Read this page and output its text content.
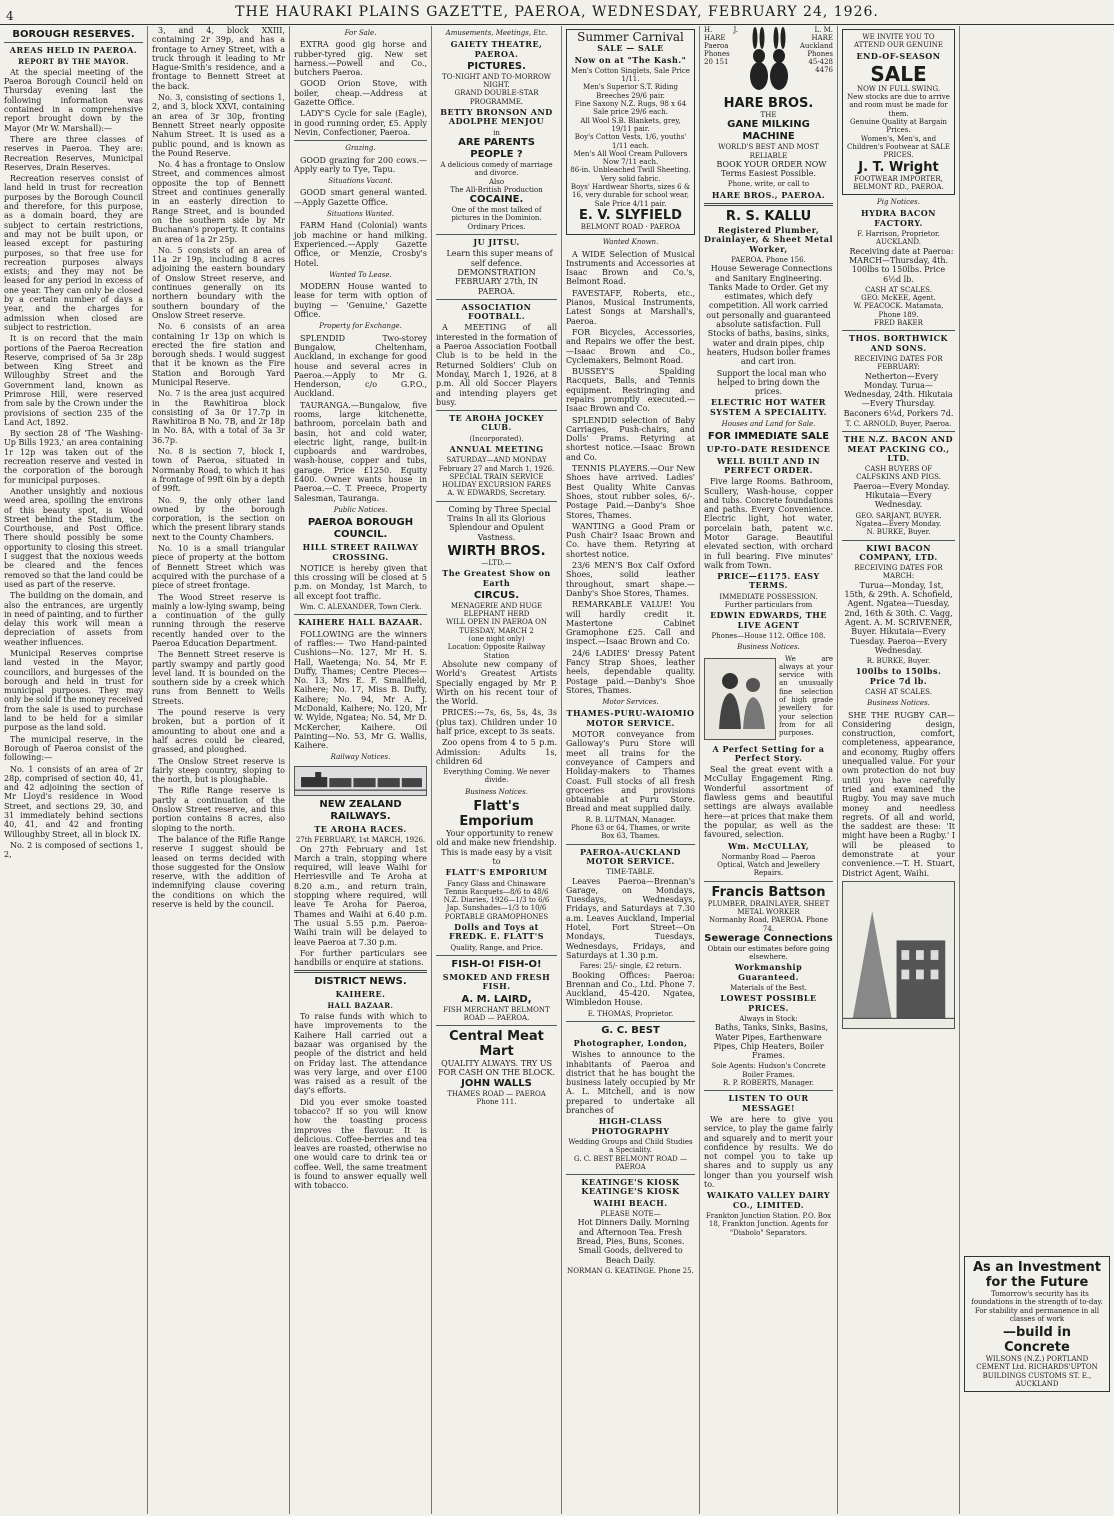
4	THE HAURAKI PLAINS GAZETTE, PAEROA, WEDNESDAY, FEBRUARY 24, 1926.
BOROUGH RESERVES.
AREAS HELD IN PAEROA.
REPORT BY THE MAYOR.

At the special meeting of the Paeroa Borough Council held on Thursday evening last the following information was contained in a comprehensive report brought down by the Mayor (Mr W. Marshall):—

There are three classes of reserves in Paeroa. They are: Recreation Reserves, Municipal Reserves, Drain Reserves.

Recreation reserves consist of land held in trust for recreation purposes by the Borough Council and therefore, for this purpose, as a domain board, they are subject to certain restrictions, and may not be built upon, or leased except for pasturing purposes, so that free use for recreation purposes always exists; and they may not be leased for any period in excess of one year. They can only be closed by a certain number of days a year, and the charges for admission when closed are subject to restriction.

It is on record that the main portions of the Paeroa Recreation Reserve, comprised of 5a 3r 28p between King Street and Willoughby Street and the Government land, known as Primrose Hill, were reserved from sale by the Crown under the provisions of section 235 of the Land Act, 1892.

By section 28 of 'The Washing-Up Bills 1923,' an area containing 1r 12p was taken out of the recreation reserve and vested in the corporation of the borough for municipal purposes.

Another unsightly and noxious weed area, spoiling the environs of this beauty spot, is Wood Street behind the Stadium, the Courthouse, and Post Office. There should possibly be some opportunity to closing this street. I suggest that the noxious weeds be cleared and the fences removed so that the land could be used as part of the reserve.

The building on the domain, and also the entrances, are urgently in need of painting, and to further delay this work will mean a depreciation of assets from weather influences.

Municipal Reserves comprise land vested in the Mayor, councillors, and burgesses of the borough and held in trust for municipal purposes. They may only be sold if the money received from the sale is used to purchase land to be held for a similar purpose as the land sold.

The municipal reserve, in the Borough of Paeroa consist of the following:—

No. 1 consists of an area of 2r 28p, comprised of section 40, 41, and 42 adjoining the section of Mr Lloyd's residence in Wood Street, and sections 29, 30, and 31 immediately behind sections 40, 41, and 42 and fronting Willoughby Street, all in block IX.

No. 2 is composed of sections 1, 2,

3, and 4, block XXIII, containing 2r 39p, and has a frontage to Arney Street, with a truck through it leading to Mr Hague-Smith's residence, and a frontage to Bennett Street at the back.

No. 3, consisting of sections 1, 2, and 3, block XXVI, containing an area of 3r 30p, fronting Bennett Street nearly opposite Nahum Street. It is used as a public pound, and is known as the Pound Reserve.

No. 4 has a frontage to Onslow Street, and commences almost opposite the top of Bennett Street and continues generally in an easterly direction to Range Street, and is bounded on the southern side by Mr Buchanan's property. It contains an area of 1a 2r 25p.

No. 5 consists of an area of 11a 2r 19p, including 8 acres adjoining the eastern boundary of Onslow Street reserve, and continues generally on its northern boundary with the southern boundary of the Onslow Street reserve.

No. 6 consists of an area containing 1r 13p on which is erected the fire station and borough sheds. I would suggest that it be known as the Fire Station and Borough Yard Municipal Reserve.

No. 7 is the area just acquired in the Rawhitiroa block consisting of 3a 0r 17.7p in Rawhitiroa B No. 7B, and 2r 18p in No. 8A, with a total of 3a 3r 36.7p.

No. 8 is section 7, block I, town of Paeroa, situated in Normanby Road, to which it has a frontage of 99ft 6in by a depth of 99ft.

No. 9, the only other land owned by the borough corporation, is the section on which the present library stands next to the County Chambers.

No. 10 is a small triangular piece of property at the bottom of Bennett Street which was acquired with the purchase of a piece of street frontage.

The Wood Street reserve is mainly a low-lying swamp, being a continuation of the gully running through the reserve recently handed over to the Paeroa Education Department.

The Bennett Street reserve is partly swampy and partly good level land. It is bounded on the southern side by a creek which runs from Bennett to Wells Streets.

The pound reserve is very broken, but a portion of it amounting to about one and a half acres could be cleared, grassed, and ploughed.

The Onslow Street reserve is fairly steep country, sloping to the north, but is ploughable.

The Rifle Range reserve is partly a continuation of the Onslow Street reserve, and this portion contains 8 acres, also sloping to the north.

The balance of the Rifle Range reserve I suggest should be leased on terms decided with those suggested for the Onslow reserve, with the addition of indemnifying clause covering the conditions on which the reserve is held by the council.

For Sale.

EXTRA good gig horse and rubber-tyred gig. New set harness.—Powell and Co., butchers Paeroa.

GOOD Orion Stove, with boiler, cheap.—Address at Gazette Office.

LADY'S Cycle for sale (Eagle), in good running order, £5. Apply Nevin, Confectioner, Paeroa.

Grazing.

GOOD grazing for 200 cows.—Apply early to Tye, Tapu.

Situations Vacant.

GOOD smart general wanted.—Apply Gazette Office.

Situations Wanted.

FARM Hand (Colonial) wants job machine or hand milking. Experienced.—Apply Gazette Office, or Menzie, Crosby's Hotel.

Wanted To Lease.

MODERN House wanted to lease for term with option of buying — 'Genuine,' Gazette Office.

Property for Exchange.

SPLENDID Two-storey Bungalow, Cheltenham, Auckland, in exchange for good house and several acres in Paeroa.—Apply to Mr G. Henderson, c/o G.P.O., Auckland.

TAURANGA.—Bungalow, five rooms, large kitchenette, bathroom, porcelain bath and basin, hot and cold water, electric light, range, built-in cupboards and wardrobes, wash-house, copper and tubs, garage. Price £1250. Equity £400. Owner wants house in Paeroa.—C. T. Preece, Property Salesman, Tauranga.

Public Notices.
PAEROA BOROUGH COUNCIL.
HILL STREET RAILWAY CROSSING.

NOTICE is hereby given that this crossing will be closed at 5 p.m. on Monday, 1st March, to all except foot traffic.

Wm. C. ALEXANDER, Town Clerk.
KAIHERE HALL BAZAAR.

FOLLOWING are the winners of raffles:— Two Hand-painted Cushions—No. 127, Mr H. S. Hall, Waetenga; No. 54, Mr F. Duffy, Thames; Centre Pieces—No. 13, Mrs E. F. Smallfield, Kaihere; No. 17, Miss B. Duffy, Kaihere; No. 94, Mr A. J. McDonald, Kaihere; No. 120, Mr W. Wylde, Ngatea; No. 54, Mr D. McKercher, Kaihere. Oil Painting—No. 53, Mr G. Wallis, Kaihere.

Railway Notices.
NEW ZEALAND RAILWAYS.
TE AROHA RACES.
27th FEBRUARY, 1st MARCH, 1926.

On 27th February and 1st March a train, stopping where required, will leave Waihi for Herriesville and Te Aroha at 8.20 a.m., and return train, stopping where required, will leave Te Aroha for Paeroa, Thames and Waihi at 6.40 p.m. The usual 5.55 p.m. Paeroa-Waihi train will be delayed to leave Paeroa at 7.30 p.m.

For further particulars see handbills or enquire at stations.

DISTRICT NEWS.
KAIHERE.
HALL BAZAAR.

To raise funds with which to have improvements to the Kaihere Hall carried out a bazaar was organised by the people of the district and held on Friday last. The attendance was very large, and over £100 was raised as a result of the day's efforts.

Did you ever smoke toasted tobacco? If so you will know how the toasting process improves the flavour. It is delicious. Coffee-berries and tea leaves are roasted, otherwise no one would care to drink tea or coffee. Well, the same treatment is found to answer equally well with tobacco.

Amusements, Meetings, Etc.
GAIETY THEATRE, PAEROA.
PICTURES.
TO-NIGHT AND TO-MORROW NIGHT.
GRAND DOUBLE-STAR PROGRAMME.
BETTY BRONSON AND ADOLPHE MENJOU
in
ARE PARENTS PEOPLE ?
A delicious comedy of marriage and divorce.
Also
The All-British Production
COCAINE.
One of the most talked of pictures in the Dominion.
Ordinary Prices.
JU JITSU.

Learn this super means of self defence. DEMONSTRATION FEBRUARY 27th, IN PAEROA.

ASSOCIATION FOOTBALL.

A MEETING of all interested in the formation of a Paeroa Association Football Club is to be held in the Returned Soldiers' Club on Monday, March 1, 1926, at 8 p.m. All old Soccer Players and intending players get busy.

TE AROHA JOCKEY CLUB.
(Incorporated).
ANNUAL MEETING
SATURDAY—AND MONDAY
February 27 and March 1, 1926.
SPECIAL TRAIN SERVICE
HOLIDAY EXCURSION FARES
A. W. EDWARDS, Secretary.

Coming by Three Special Trains In all its Glorious Splendour and Opulent Vastness.

WIRTH BROS.
—LTD.—
The Greatest Show on Earth
CIRCUS.
MENAGERIE AND HUGE ELEPHANT HERD
WILL OPEN IN PAEROA ON TUESDAY, MARCH 2
(one night only)
Location: Opposite Railway Station

Absolute new company of World's Greatest Artists Specially engaged by Mr P. Wirth on his recent tour of the World.

PRICES:—7s, 6s, 5s, 4s, 3s (plus tax). Children under 10 half price, except to 3s seats.

Zoo opens from 4 to 5 p.m. Admission: Adults 1s, children 6d

Everything Coming. We never divide.
Business Notices.
Flatt's Emporium

Your opportunity to renew old and make new friendship. This is made easy by a visit to

FLATT'S EMPORIUM
Fancy Glass and Chinaware
Tennis Racquets—8/6 to 48/6
N.Z. Diaries, 1926—1/3 to 6/6
Jap. Sunshades—1/3 to 10/6
PORTABLE GRAMOPHONES
Dolls and Toys at FREDK. E. FLATT'S
Quality, Range, and Price.
FISH-O! FISH-O!
SMOKED AND FRESH FISH.
A. M. LAIRD,
FISH MERCHANT BELMONT ROAD — PAEROA.
Central Meat Mart
QUALITY ALWAYS. TRY US FOR CASH ON THE BLOCK.
JOHN WALLS
THAMES ROAD — PAEROA
Phone 111.
Summer Carnival
SALE — SALE
Now on at "The Kash."
Men's Cotton Singlets, Sale Price 1/11.
Men's Superior S.T. Riding Breeches 29/6 pair.
Fine Saxony N.Z. Rugs, 98 x 64 Sale price 29/6 each.
All Wool S.B. Blankets, grey, 19/11 pair.
Boy's Cotton Vests, 1/6, youths' 1/11 each.
Men's All Wool Cream Pullovers Now 7/11 each.
86-in. Unbleached Twill Sheeting. Very solid fabric.
Boys' Hardwear Shorts, sizes 6 & 16, very durable for school wear, Sale Price 4/11 pair.
E. V. SLYFIELD
BELMONT ROAD · PAEROA
Wanted Known.

A WIDE Selection of Musical Instruments and Accessories at Isaac Brown and Co.'s, Belmont Road.

FAVESTAFF, Roberts, etc., Pianos, Musical Instruments, Latest Songs at Marshall's, Paeroa.

FOR Bicycles, Accessories, and Repairs we offer the best.—Isaac Brown and Co., Cyclemakers, Belmont Road.

BUSSEY'S Spalding Racquets, Balls, and Tennis equipment. Restringing and repairs promptly executed.—Isaac Brown and Co.

SPLENDID selection of Baby Carriages, Push-chairs, and Dolls' Prams. Retyring at shortest notice.—Isaac Brown and Co.

TENNIS PLAYERS.—Our New Shoes have arrived. Ladies' Best Quality White Canvas Shoes, stout rubber soles, 6/-. Postage Paid.—Danby's Shoe Stores, Thames.

WANTING a Good Pram or Push Chair? Isaac Brown and Co. have them. Retyring at shortest notice.

23/6 MEN'S Box Calf Oxford Shoes, solid leather throughout, smart shape.—Danby's Shoe Stores, Thames.

REMARKABLE VALUE! You will hardly credit it. Mastertone Cabinet Gramophone £25. Call and inspect.—Isaac Brown and Co.

24/6 LADIES' Dressy Patent Fancy Strap Shoes, leather heels, dependable quality. Postage paid.—Danby's Shoe Stores, Thames.

Motor Services.
THAMES-PURU-WAIOMIO MOTOR SERVICE.

MOTOR conveyance from Galloway's Puru Store will meet all trains for the conveyance of Campers and Holiday-makers to Thames Coast. Full stocks of all fresh groceries and provisions obtainable at Puru Store. Bread and meat supplied daily.

R. B. LUTMAN, Manager.
Phone 63 or 64, Thames, or write Box 63, Thames.
PAEROA-AUCKLAND MOTOR SERVICE.
TIME-TABLE.

Leaves Paeroa—Brennan's Garage, on Mondays, Tuesdays, Wednesdays, Fridays, and Saturdays at 7.30 a.m. Leaves Auckland, Imperial Hotel, Fort Street—On Mondays, Tuesdays, Wednesdays, Fridays, and Saturdays at 1.30 p.m.

Fares: 25/- single, £2 return.

Booking Offices: Paeroa: Brennan and Co., Ltd. Phone 7. Auckland, 45-420. Ngatea, Wimbledon House.

E. THOMAS, Proprietor.
G. C. BEST
Photographer, London,

Wishes to announce to the inhabitants of Paeroa and district that he has bought the business lately occupied by Mr A. L. Mitchell, and is now prepared to undertake all branches of

HIGH-CLASS PHOTOGRAPHY
Wedding Groups and Child Studies a Speciality.
G. C. BEST BELMONT ROAD — PAEROA
KEATINGE'S KIOSK KEATINGE'S KIOSK
WAIHI BEACH.
PLEASE NOTE—

Hot Dinners Daily. Morning and Afternoon Tea. Fresh Bread, Pies, Buns, Scones. Small Goods, delivered to Beach Daily.

NORMAN G. KEATINGE. Phone 25.
H. J. HARE Paeroa Phones 20 151
L. M. HARE Auckland Phones 45-428 4476
HARE BROS.
THE
GANE MILKING MACHINE
WORLD'S BEST AND MOST RELIABLE

BOOK YOUR ORDER NOW Terms Easiest Possible.

Phone, write, or call to
HARE BROS., PAEROA.
R. S. KALLU
Registered Plumber, Drainlayer, & Sheet Metal Worker,
PAEROA. Phone 156.

House Sewerage Connections and Sanitary Engineering. Tanks Made to Order. Get my estimates, which defy competition. All work carried out personally and guaranteed absolute satisfaction. Full Stocks of baths, basins, sinks, water and drain pipes, chip heaters, Hudson boiler frames and cart iron.

Support the local man who helped to bring down the prices.

ELECTRIC HOT WATER SYSTEM A SPECIALITY.
Houses and Land for Sale.
FOR IMMEDIATE SALE
UP-TO-DATE RESIDENCE
WELL BUILT AND IN PERFECT ORDER.

Five large Rooms. Bathroom, Scullery, Wash-house, copper and tubs. Concrete foundations and paths. Every Convenience. Electric light, hot water, porcelain bath, patent w.c. Motor Garage. Beautiful elevated section, with orchard in full bearing. Five minutes' walk from Town.

PRICE—£1175. EASY TERMS.
IMMEDIATE POSSESSION.
Further particulars from
EDWIN EDWARDS, THE LIVE AGENT
Phones—House 112. Office 108.
Business Notices.

We are always at your service with an unusually fine selection of high grade jewellery for your selection from for all purposes.

A Perfect Setting for a Perfect Story.

Seal the great event with a McCullay Engagement Ring. Wonderful assortment of flawless gems and beautiful settings are always available here—at prices that make them the popular, as well as the favoured, selection.

Wm. McCULLAY,
Normanby Road — Paeroa
Optical, Watch and Jewellery Repairs.
Francis Battson
PLUMBER, DRAINLAYER, SHEET METAL WORKER
Normanby Road, PAEROA. Phone 74.
Sewerage Connections
Obtain our estimates before going elsewhere.
Workmanship Guaranteed.
Materials of the Best.
LOWEST POSSIBLE PRICES.
Always in Stock:

Baths, Tanks, Sinks, Basins, Water Pipes, Earthenware Pipes, Chip Heaters, Boiler Frames.

Sole Agents: Hudson's Concrete Boiler Frames.
R. P. ROBERTS, Manager.
LISTEN TO OUR MESSAGE!

We are here to give you service, to play the game fairly and squarely and to merit your confidence by results. We do not compel you to take up shares and to supply us any longer than you yourself wish to.

WAIKATO VALLEY DAIRY CO., LIMITED.
Frankton Junction Station. P.O. Box 18, Frankton Junction. Agents for "Diabolo" Separators.
WE INVITE YOU TO ATTEND OUR GENUINE
END-OF-SEASON
SALE
NOW IN FULL SWING.
New stocks are due to arrive and room must be made for them.
Genuine Quality at Bargain Prices.
Women's, Men's, and Children's Footwear at SALE PRICES.
J. T. Wright
FOOTWEAR IMPORTER, BELMONT RD., PAEROA.
Pig Notices.
HYDRA BACON FACTORY.
F. Harrison, Proprietor. AUCKLAND.

Receiving date at Paeroa: MARCH—Thursday, 4th. 100lbs to 150lbs. Price 6½d lb.

CASH AT SCALES.
GEO. McKEE, Agent.
W. PEACOCK. Matamata, Phone 189.
FRED BAKER
THOS. BORTHWICK AND SONS.
RECEIVING DATES FOR FEBRUARY:

Netherton—Every Monday. Turua—Wednesday, 24th. Hikutaia—Every Thursday. Baconers 6¼d, Porkers 7d.

T. C. ARNOLD, Buyer, Paeroa.
THE N.Z. BACON AND MEAT PACKING CO., LTD.
CASH BUYERS OF CALFSKINS AND PIGS.

Paeroa—Every Monday. Hikutaia—Every Wednesday.

GEO. SARJANT, BUYER.
Ngatea—Every Monday.
N. BURKE, Buyer.
KIWI BACON COMPANY, LTD.
RECEIVING DATES FOR MARCH:

Turua—Monday, 1st, 15th, & 29th. A. Schofield, Agent. Ngatea—Tuesday, 2nd, 16th & 30th. C. Vagg, Agent. A. M. SCRIVENER, Buyer. Hikutaia—Every Tuesday. Paeroa—Every Wednesday.

R. BURKE, Buyer.
100lbs to 150lbs. Price 7d lb.
CASH AT SCALES.
Business Notices.

SHE THE RUGBY CAR—Considering design, construction, comfort, completeness, appearance, and economy, Rugby offers unequalled value. For your own protection do not buy until you have carefully tried and examined the Rugby. You may save much money and needless regrets. Of all and world, the saddest are these: 'It might have been a Rugby.' I will be pleased to demonstrate at your convenience.—T. H. Stuart, District Agent, Waihi.

As an Investment for the Future

Tomorrow's security has its foundations in the strength of to-day. For stability and permanence in all classes of work

—build in Concrete
WILSONS (N.Z.) PORTLAND CEMENT Ltd. RICHARDS'UPTON BUILDINGS CUSTOMS ST. E., AUCKLAND
